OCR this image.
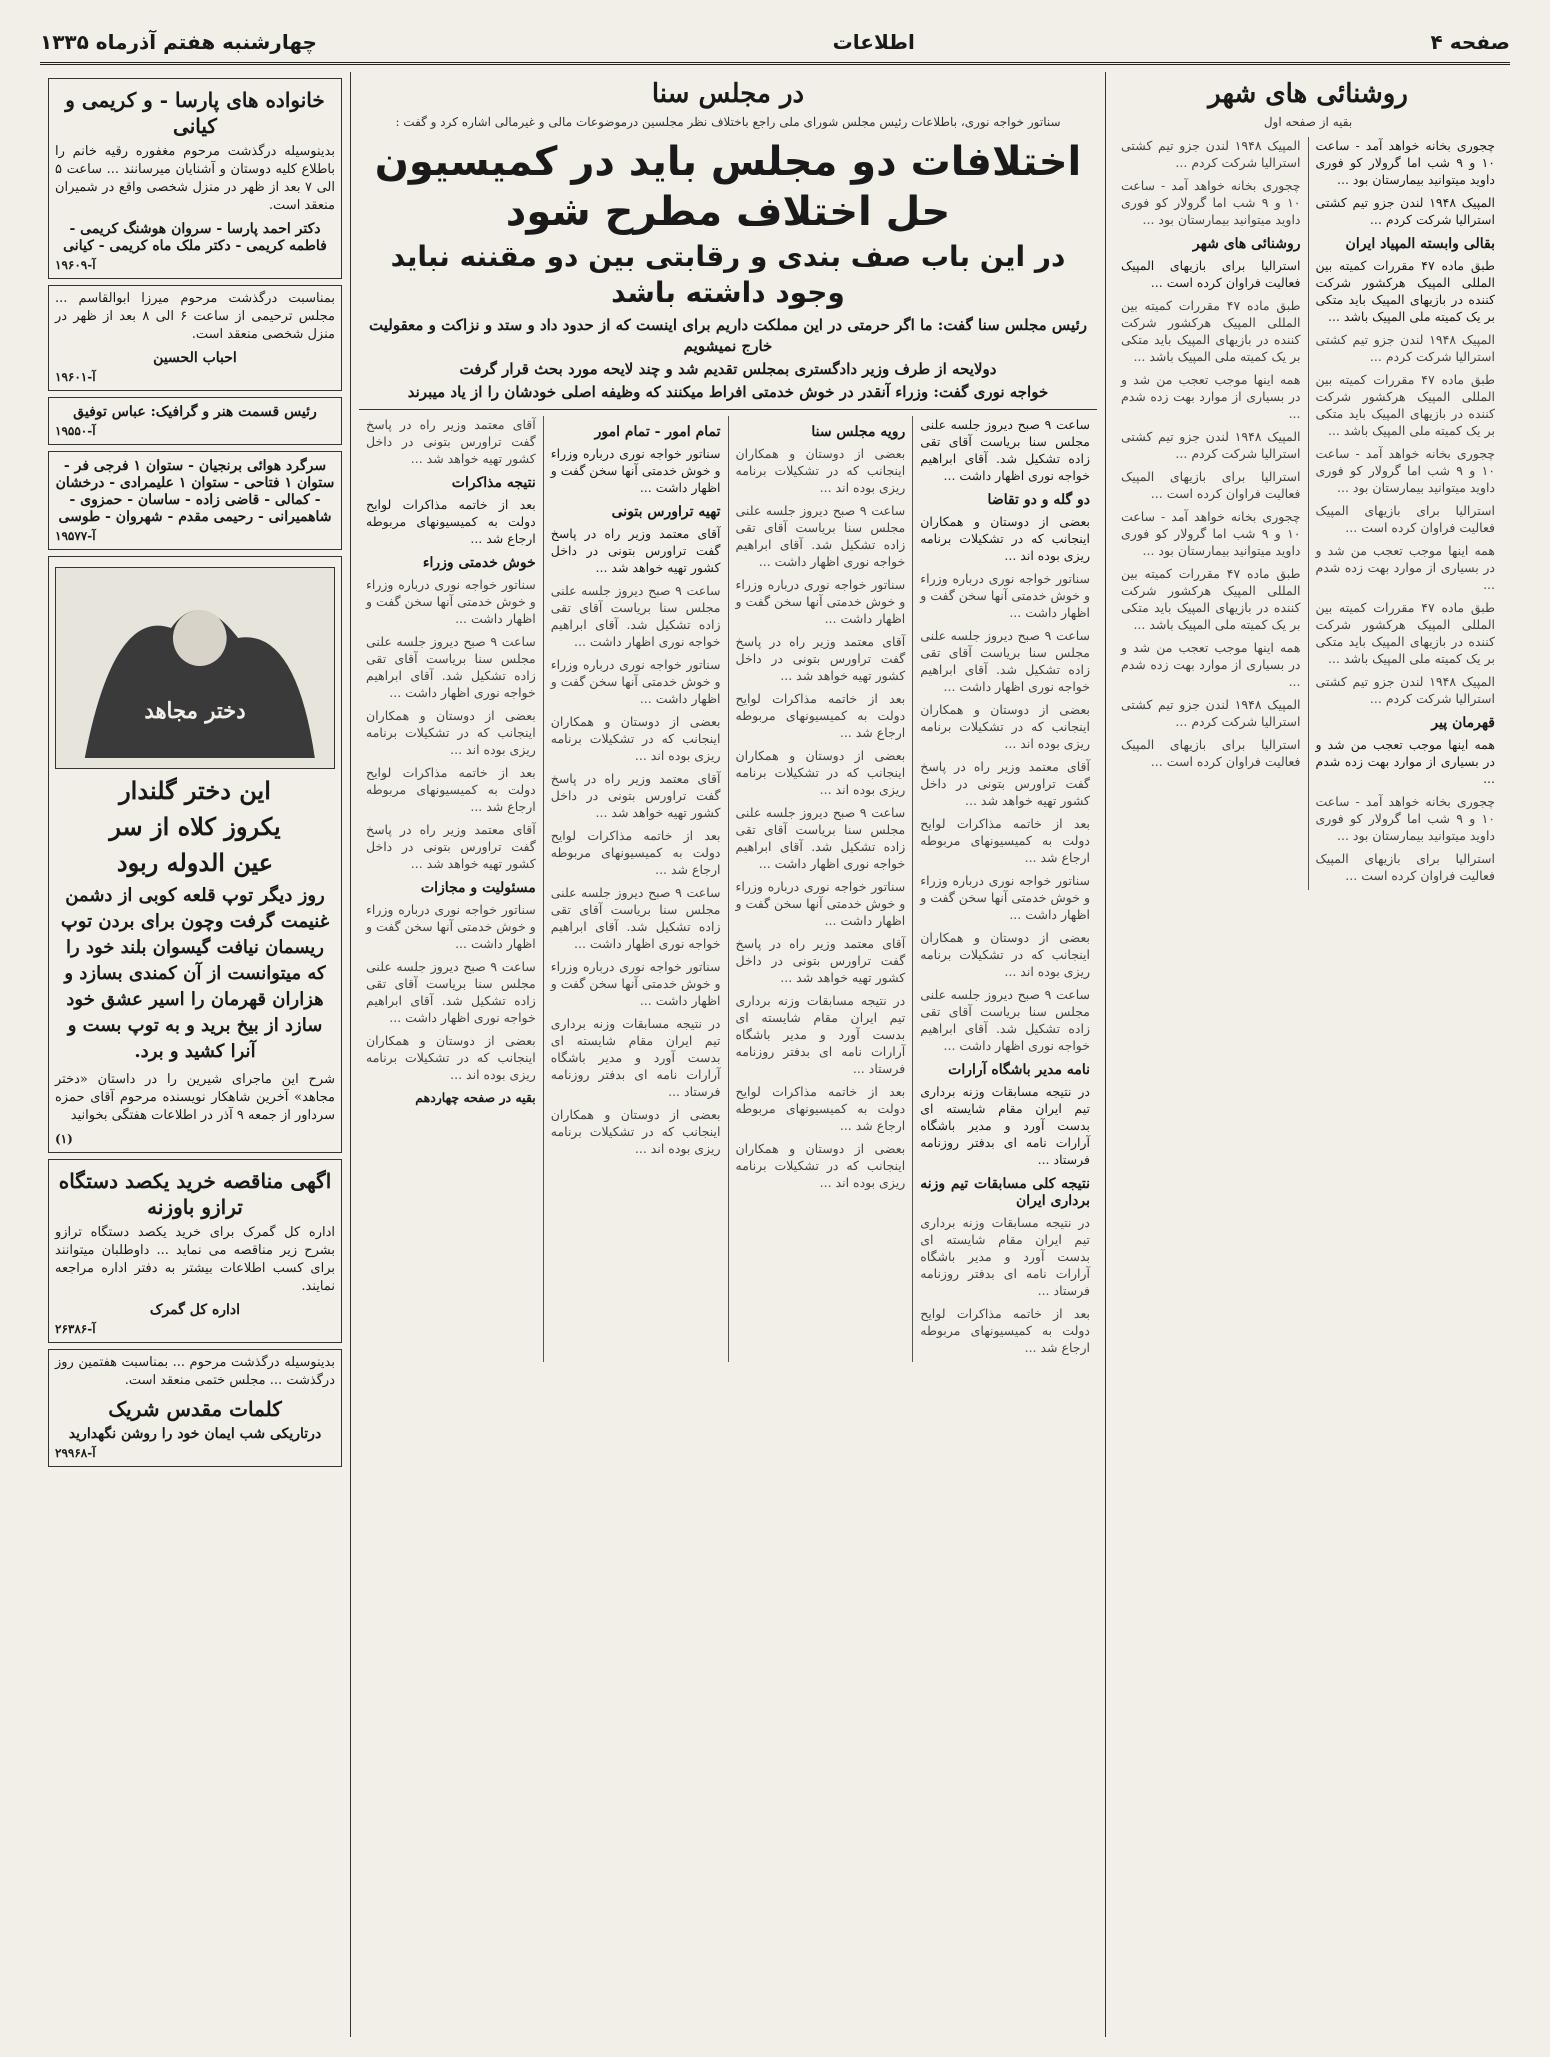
صفحه ۴
اطلاعات
چهارشنبه هفتم آذرماه ۱۳۳۵
روشنائی های شهر
بقیه از صفحه اول

چجوری بخانه خواهد آمد - ساعت ۱۰ و ۹ شب اما گرولار کو فوری داوید میتوانید بیمارستان بود ...

المپیک ۱۹۴۸ لندن جزو تیم کشتی استرالیا شرکت کردم ...

بقالی وابسته المپیاد ایران

طبق ماده ۴۷ مقررات کمیته بین المللی المپیک هرکشور شرکت کننده در بازیهای المپیک باید متکی بر یک کمیته ملی المپیک باشد ...

المپیک ۱۹۴۸ لندن جزو تیم کشتی استرالیا شرکت کردم ...

طبق ماده ۴۷ مقررات کمیته بین المللی المپیک هرکشور شرکت کننده در بازیهای المپیک باید متکی بر یک کمیته ملی المپیک باشد ...

چجوری بخانه خواهد آمد - ساعت ۱۰ و ۹ شب اما گرولار کو فوری داوید میتوانید بیمارستان بود ...

استرالیا برای بازیهای المپیک فعالیت فراوان کرده است ...

همه اینها موجب تعجب من شد و در بسیاری از موارد بهت زده شدم ...

طبق ماده ۴۷ مقررات کمیته بین المللی المپیک هرکشور شرکت کننده در بازیهای المپیک باید متکی بر یک کمیته ملی المپیک باشد ...

المپیک ۱۹۴۸ لندن جزو تیم کشتی استرالیا شرکت کردم ...

قهرمان پیر

همه اینها موجب تعجب من شد و در بسیاری از موارد بهت زده شدم ...

چجوری بخانه خواهد آمد - ساعت ۱۰ و ۹ شب اما گرولار کو فوری داوید میتوانید بیمارستان بود ...

استرالیا برای بازیهای المپیک فعالیت فراوان کرده است ...

المپیک ۱۹۴۸ لندن جزو تیم کشتی استرالیا شرکت کردم ...

چجوری بخانه خواهد آمد - ساعت ۱۰ و ۹ شب اما گرولار کو فوری داوید میتوانید بیمارستان بود ...

روشنائی های شهر

استرالیا برای بازیهای المپیک فعالیت فراوان کرده است ...

طبق ماده ۴۷ مقررات کمیته بین المللی المپیک هرکشور شرکت کننده در بازیهای المپیک باید متکی بر یک کمیته ملی المپیک باشد ...

همه اینها موجب تعجب من شد و در بسیاری از موارد بهت زده شدم ...

المپیک ۱۹۴۸ لندن جزو تیم کشتی استرالیا شرکت کردم ...

استرالیا برای بازیهای المپیک فعالیت فراوان کرده است ...

چجوری بخانه خواهد آمد - ساعت ۱۰ و ۹ شب اما گرولار کو فوری داوید میتوانید بیمارستان بود ...

طبق ماده ۴۷ مقررات کمیته بین المللی المپیک هرکشور شرکت کننده در بازیهای المپیک باید متکی بر یک کمیته ملی المپیک باشد ...

همه اینها موجب تعجب من شد و در بسیاری از موارد بهت زده شدم ...

المپیک ۱۹۴۸ لندن جزو تیم کشتی استرالیا شرکت کردم ...

استرالیا برای بازیهای المپیک فعالیت فراوان کرده است ...

در مجلس سنا
سناتور خواجه نوری، باطلاعات رئیس مجلس شورای ملی راجع باختلاف نظر مجلسین درموضوعات مالی و غیرمالی اشاره کرد و گفت :
اختلافات دو مجلس باید در کمیسیون حل اختلاف مطرح شود
در این باب صف بندی و رقابتی بین دو مقننه نباید وجود داشته باشد
رئیس مجلس سنا گفت: ما اگر حرمتی در این مملکت داریم برای اینست که از حدود داد و ستد و نزاکت و معقولیت خارج نمیشویم
دولایحه از طرف وزیر دادگستری بمجلس تقدیم شد و چند لایحه مورد بحث قرار گرفت
خواجه نوری گفت: وزراء آنقدر در خوش خدمتی افراط میکنند که وظیفه اصلی خودشان را از یاد میبرند

ساعت ۹ صبح دیروز جلسه علنی مجلس سنا بریاست آقای تقی زاده تشکیل شد. آقای ابراهیم خواجه نوری اظهار داشت ...

دو گله و دو تقاضا

بعضی از دوستان و همکاران اینجانب که در تشکیلات برنامه ریزی بوده اند ...

سناتور خواجه نوری درباره وزراء و خوش خدمتی آنها سخن گفت و اظهار داشت ...

ساعت ۹ صبح دیروز جلسه علنی مجلس سنا بریاست آقای تقی زاده تشکیل شد. آقای ابراهیم خواجه نوری اظهار داشت ...

بعضی از دوستان و همکاران اینجانب که در تشکیلات برنامه ریزی بوده اند ...

آقای معتمد وزیر راه در پاسخ گفت تراورس بتونی در داخل کشور تهیه خواهد شد ...

بعد از خاتمه مذاکرات لوایح دولت به کمیسیونهای مربوطه ارجاع شد ...

سناتور خواجه نوری درباره وزراء و خوش خدمتی آنها سخن گفت و اظهار داشت ...

بعضی از دوستان و همکاران اینجانب که در تشکیلات برنامه ریزی بوده اند ...

ساعت ۹ صبح دیروز جلسه علنی مجلس سنا بریاست آقای تقی زاده تشکیل شد. آقای ابراهیم خواجه نوری اظهار داشت ...

نامه مدیر باشگاه آرارات

در نتیجه مسابقات وزنه برداری تیم ایران مقام شایسته ای بدست آورد و مدیر باشگاه آرارات نامه ای بدفتر روزنامه فرستاد ...

نتیجه کلی مسابقات تیم وزنه برداری ایران

در نتیجه مسابقات وزنه برداری تیم ایران مقام شایسته ای بدست آورد و مدیر باشگاه آرارات نامه ای بدفتر روزنامه فرستاد ...

بعد از خاتمه مذاکرات لوایح دولت به کمیسیونهای مربوطه ارجاع شد ...

رویه مجلس سنا

بعضی از دوستان و همکاران اینجانب که در تشکیلات برنامه ریزی بوده اند ...

ساعت ۹ صبح دیروز جلسه علنی مجلس سنا بریاست آقای تقی زاده تشکیل شد. آقای ابراهیم خواجه نوری اظهار داشت ...

سناتور خواجه نوری درباره وزراء و خوش خدمتی آنها سخن گفت و اظهار داشت ...

آقای معتمد وزیر راه در پاسخ گفت تراورس بتونی در داخل کشور تهیه خواهد شد ...

بعد از خاتمه مذاکرات لوایح دولت به کمیسیونهای مربوطه ارجاع شد ...

بعضی از دوستان و همکاران اینجانب که در تشکیلات برنامه ریزی بوده اند ...

ساعت ۹ صبح دیروز جلسه علنی مجلس سنا بریاست آقای تقی زاده تشکیل شد. آقای ابراهیم خواجه نوری اظهار داشت ...

سناتور خواجه نوری درباره وزراء و خوش خدمتی آنها سخن گفت و اظهار داشت ...

آقای معتمد وزیر راه در پاسخ گفت تراورس بتونی در داخل کشور تهیه خواهد شد ...

در نتیجه مسابقات وزنه برداری تیم ایران مقام شایسته ای بدست آورد و مدیر باشگاه آرارات نامه ای بدفتر روزنامه فرستاد ...

بعد از خاتمه مذاکرات لوایح دولت به کمیسیونهای مربوطه ارجاع شد ...

بعضی از دوستان و همکاران اینجانب که در تشکیلات برنامه ریزی بوده اند ...

تمام امور - تمام امور

سناتور خواجه نوری درباره وزراء و خوش خدمتی آنها سخن گفت و اظهار داشت ...

تهیه تراورس بتونی

آقای معتمد وزیر راه در پاسخ گفت تراورس بتونی در داخل کشور تهیه خواهد شد ...

ساعت ۹ صبح دیروز جلسه علنی مجلس سنا بریاست آقای تقی زاده تشکیل شد. آقای ابراهیم خواجه نوری اظهار داشت ...

سناتور خواجه نوری درباره وزراء و خوش خدمتی آنها سخن گفت و اظهار داشت ...

بعضی از دوستان و همکاران اینجانب که در تشکیلات برنامه ریزی بوده اند ...

آقای معتمد وزیر راه در پاسخ گفت تراورس بتونی در داخل کشور تهیه خواهد شد ...

بعد از خاتمه مذاکرات لوایح دولت به کمیسیونهای مربوطه ارجاع شد ...

ساعت ۹ صبح دیروز جلسه علنی مجلس سنا بریاست آقای تقی زاده تشکیل شد. آقای ابراهیم خواجه نوری اظهار داشت ...

سناتور خواجه نوری درباره وزراء و خوش خدمتی آنها سخن گفت و اظهار داشت ...

در نتیجه مسابقات وزنه برداری تیم ایران مقام شایسته ای بدست آورد و مدیر باشگاه آرارات نامه ای بدفتر روزنامه فرستاد ...

بعضی از دوستان و همکاران اینجانب که در تشکیلات برنامه ریزی بوده اند ...

آقای معتمد وزیر راه در پاسخ گفت تراورس بتونی در داخل کشور تهیه خواهد شد ...

نتیجه مذاکرات

بعد از خاتمه مذاکرات لوایح دولت به کمیسیونهای مربوطه ارجاع شد ...

خوش خدمتی وزراء

سناتور خواجه نوری درباره وزراء و خوش خدمتی آنها سخن گفت و اظهار داشت ...

ساعت ۹ صبح دیروز جلسه علنی مجلس سنا بریاست آقای تقی زاده تشکیل شد. آقای ابراهیم خواجه نوری اظهار داشت ...

بعضی از دوستان و همکاران اینجانب که در تشکیلات برنامه ریزی بوده اند ...

بعد از خاتمه مذاکرات لوایح دولت به کمیسیونهای مربوطه ارجاع شد ...

آقای معتمد وزیر راه در پاسخ گفت تراورس بتونی در داخل کشور تهیه خواهد شد ...

مسئولیت و مجازات

سناتور خواجه نوری درباره وزراء و خوش خدمتی آنها سخن گفت و اظهار داشت ...

ساعت ۹ صبح دیروز جلسه علنی مجلس سنا بریاست آقای تقی زاده تشکیل شد. آقای ابراهیم خواجه نوری اظهار داشت ...

بعضی از دوستان و همکاران اینجانب که در تشکیلات برنامه ریزی بوده اند ...

بقیه در صفحه چهاردهم

خانواده های پارسا - و کریمی و کیانی

بدینوسیله درگذشت مرحوم مغفوره رقیه خانم را باطلاع کلیه دوستان و آشنایان میرسانند ... ساعت ۵ الی ۷ بعد از ظهر در منزل شخصی واقع در شمیران منعقد است.

دکتر احمد پارسا - سروان هوشنگ کریمی - فاطمه کریمی - دکتر ملک ماه کریمی - کیانی
آ-۱۹۶۰۹

بمناسبت درگذشت مرحوم میرزا ابوالقاسم ... مجلس ترحیمی از ساعت ۶ الی ۸ بعد از ظهر در منزل شخصی منعقد است.

احباب الحسین
آ-۱۹۶۰۱
رئیس قسمت هنر و گرافیک: عباس توفیق
آ-۱۹۵۵۰
سرگرد هوائی برنجیان - ستوان ۱ فرجی فر - ستوان ۱ فتاحی - ستوان ۱ علیمرادی - درخشان - کمالی - قاضی زاده - ساسان - حمزوی - شاهمیرانی - رحیمی مقدم - شهروان - طوسی
آ-۱۹۵۷۷
دختر مجاهد
این دختر گلندار
یکروز کلاه از سر
عین الدوله ربود

روز دیگر توپ قلعه کوبی از دشمن غنیمت گرفت وچون برای بردن توپ ریسمان نیافت گیسوان بلند خود را که میتوانست از آن کمندی بسازد و هزاران قهرمان را اسیر عشق خود سازد از بیخ برید و به توپ بست و آنرا کشید و برد.

شرح این ماجرای شیرین را در داستان «دختر مجاهد» آخرین شاهکار نویسنده مرحوم آقای حمزه سرداور از جمعه ۹ آذر در اطلاعات هفتگی بخوانید

(۱)
اگهی مناقصه خرید یکصد دستگاه ترازو باوزنه

اداره کل گمرک برای خرید یکصد دستگاه ترازو بشرح زیر مناقصه می نماید ... داوطلبان میتوانند برای کسب اطلاعات بیشتر به دفتر اداره مراجعه نمایند.

اداره کل گمرک
آ-۲۶۳۸۶

بدینوسیله درگذشت مرحوم ... بمناسبت هفتمین روز درگذشت ... مجلس ختمی منعقد است.

کلمات مقدس شریک
درتاریکی شب ایمان خود را روشن نگهدارید
آ-۲۹۹۶۸
